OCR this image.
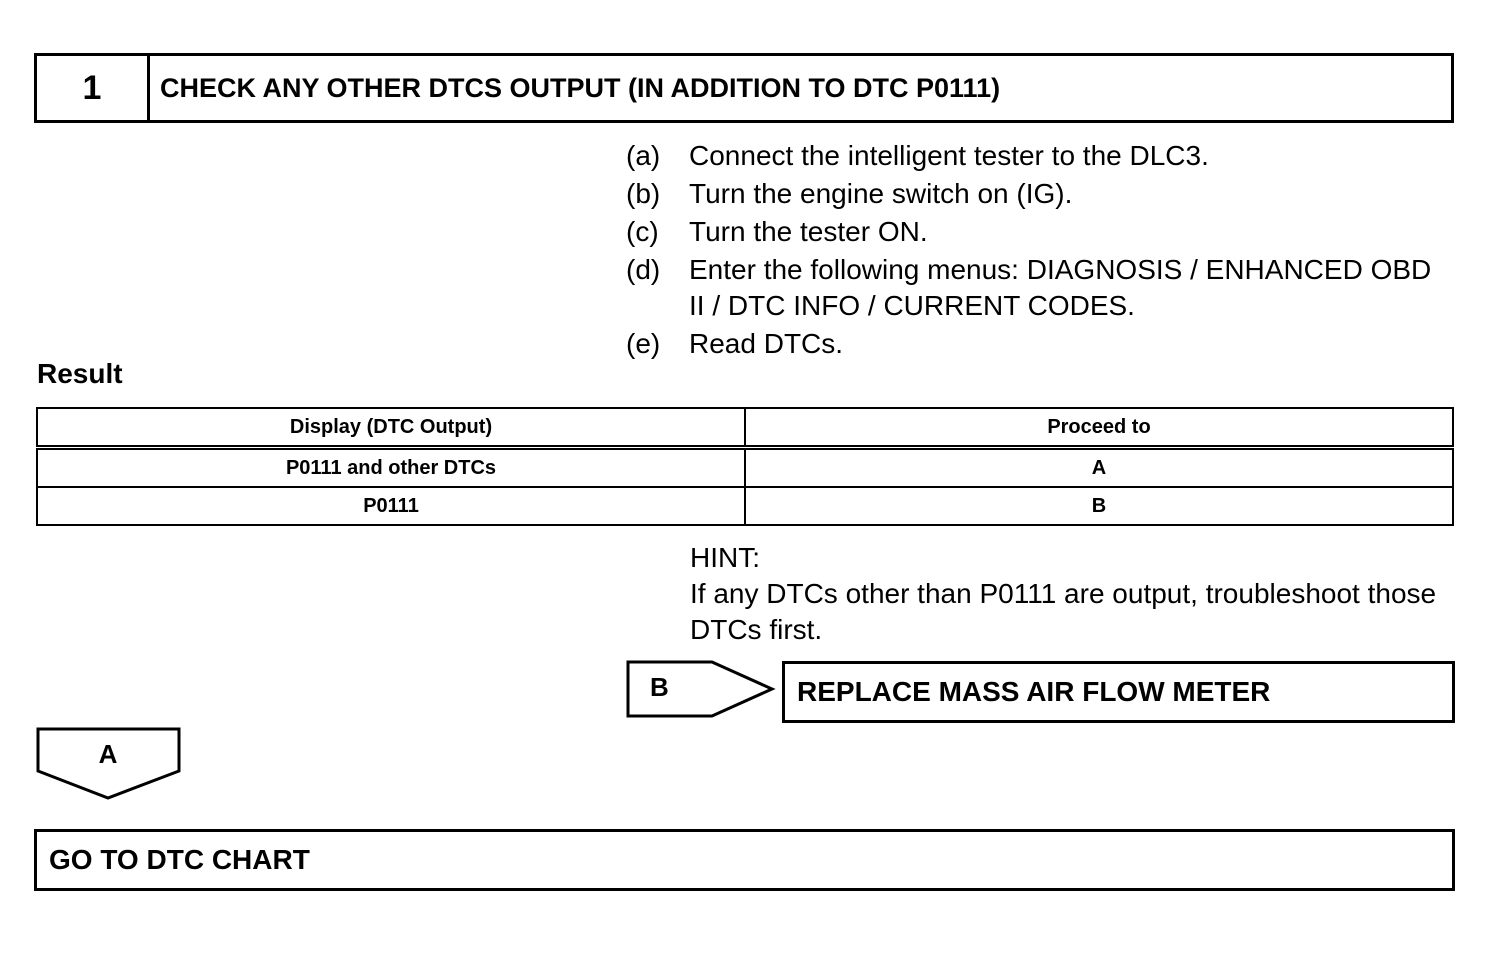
1	CHECK ANY OTHER DTCS OUTPUT (IN ADDITION TO DTC P0111)
(a)	Connect the intelligent tester to the DLC3.
(b)	Turn the engine switch on (IG).
(c)	Turn the tester ON.
(d)	Enter the following menus: DIAGNOSIS / ENHANCED OBD II / DTC INFO / CURRENT CODES.
(e)	Read DTCs.
Result
Display (DTC Output)	Proceed to
P0111 and other DTCs	A
P0111	B
HINT:
If any DTCs other than P0111 are output, troubleshoot those DTCs first.
B	REPLACE MASS AIR FLOW METER
A
GO TO DTC CHART
